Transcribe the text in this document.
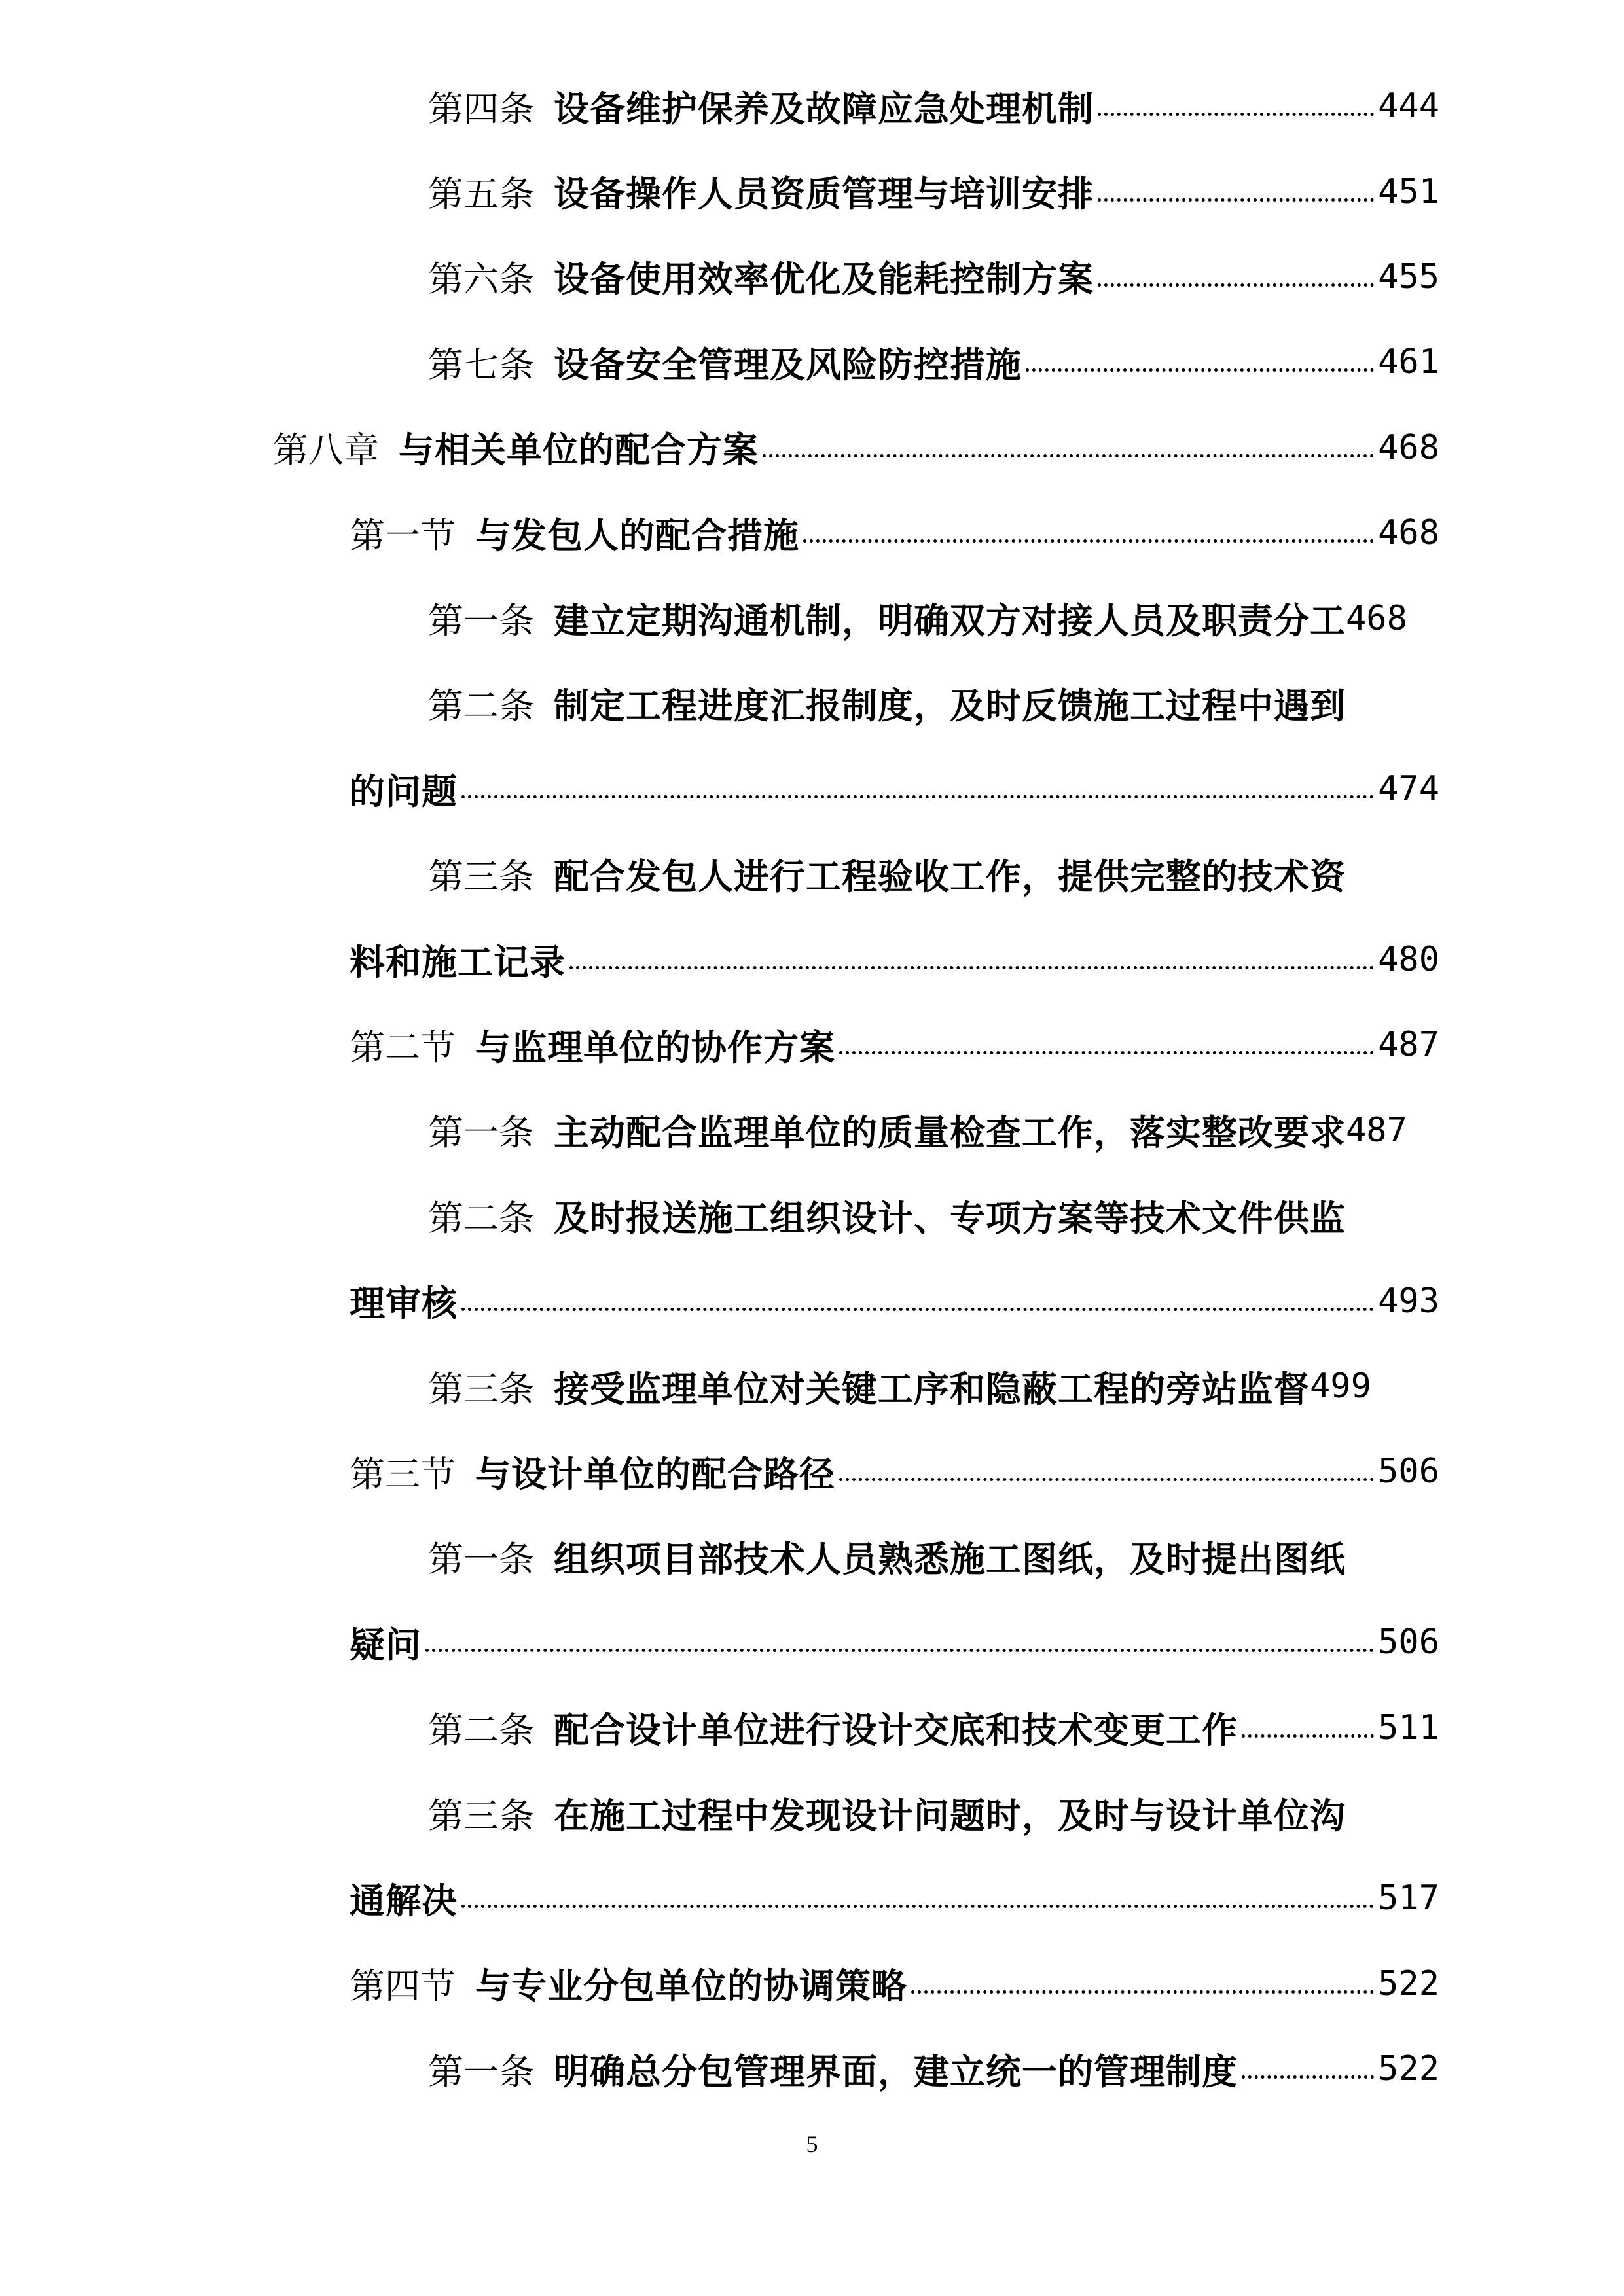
第四条 设备维护保养及故障应急处理机制	444
第五条 设备操作人员资质管理与培训安排	451
第六条 设备使用效率优化及能耗控制方案	455
第七条 设备安全管理及风险防控措施	461
第八章 与相关单位的配合方案	468
第一节 与发包人的配合措施	468
第一条 建立定期沟通机制，明确双方对接人员及职责分工 468
第二条 制定工程进度汇报制度，及时反馈施工过程中遇到
的问题	474
第三条 配合发包人进行工程验收工作，提供完整的技术资
料和施工记录	480
第二节 与监理单位的协作方案	487
第一条 主动配合监理单位的质量检查工作，落实整改要求 487
第二条 及时报送施工组织设计、专项方案等技术文件供监
理审核	493
第三条 接受监理单位对关键工序和隐蔽工程的旁站监督 499
第三节 与设计单位的配合路径	506
第一条 组织项目部技术人员熟悉施工图纸，及时提出图纸
疑问	506
第二条 配合设计单位进行设计交底和技术变更工作	511
第三条 在施工过程中发现设计问题时，及时与设计单位沟
通解决	517
第四节 与专业分包单位的协调策略	522
第一条 明确总分包管理界面，建立统一的管理制度	522
5
